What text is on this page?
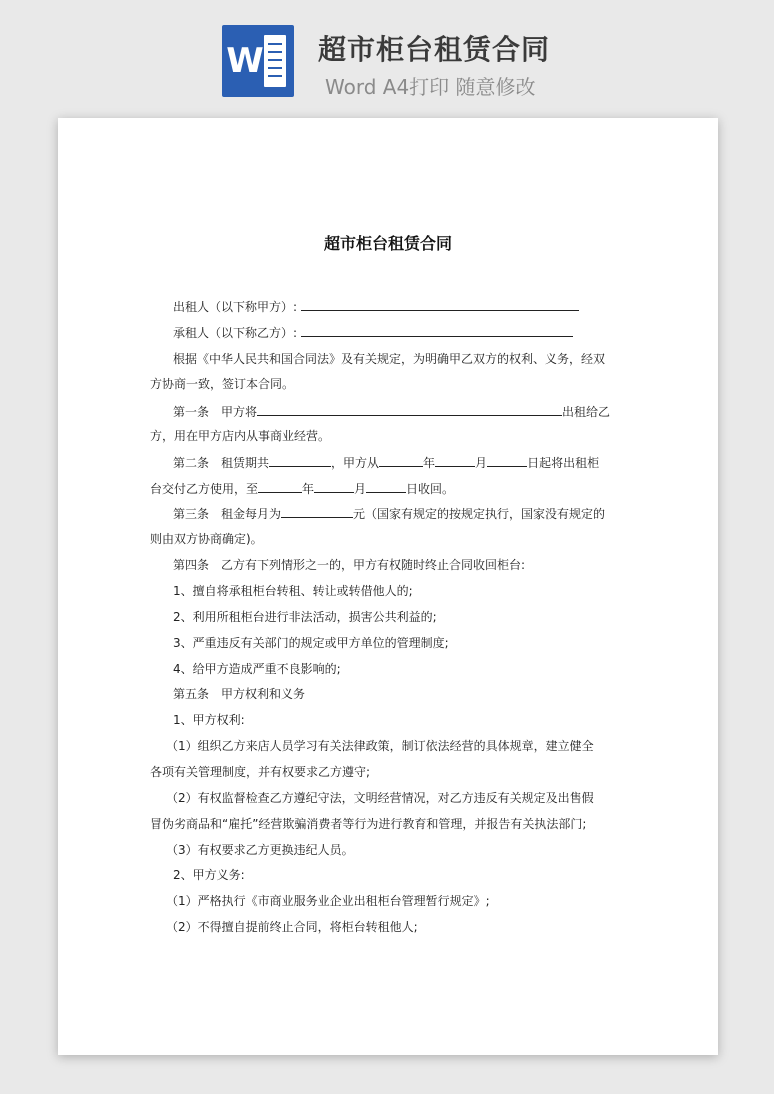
W 超市柜台租赁合同
Word A4打印 随意修改
超市柜台租赁合同
出租人（以下称甲方）:
承租人（以下称乙方）:
根据《中华人民共和国合同法》及有关规定，为明确甲乙双方的权利、义务，经双
方协商一致，签订本合同。
第一条　甲方将	出租给乙
方，用在甲方店内从事商业经营。
第二条　租赁期共	，甲方从	年	月	日起将出租柜
台交付乙方使用，至	年	月	日收回。
第三条　租金每月为	元（国家有规定的按规定执行，国家没有规定的
则由双方协商确定)。
第四条　乙方有下列情形之一的，甲方有权随时终止合同收回柜台:
1、擅自将承租柜台转租、转让或转借他人的;
2、利用所租柜台进行非法活动，损害公共利益的;
3、严重违反有关部门的规定或甲方单位的管理制度;
4、给甲方造成严重不良影响的;
第五条　甲方权利和义务
1、甲方权利:
（1）组织乙方来店人员学习有关法律政策，制订依法经营的具体规章，建立健全
各项有关管理制度，并有权要求乙方遵守;
（2）有权监督检查乙方遵纪守法，文明经营情况，对乙方违反有关规定及出售假
冒伪劣商品和“雇托”经营欺骗消费者等行为进行教育和管理，并报告有关执法部门;
（3）有权要求乙方更换违纪人员。
2、甲方义务:
（1）严格执行《市商业服务业企业出租柜台管理暂行规定》;
（2）不得擅自提前终止合同，将柜台转租他人;
